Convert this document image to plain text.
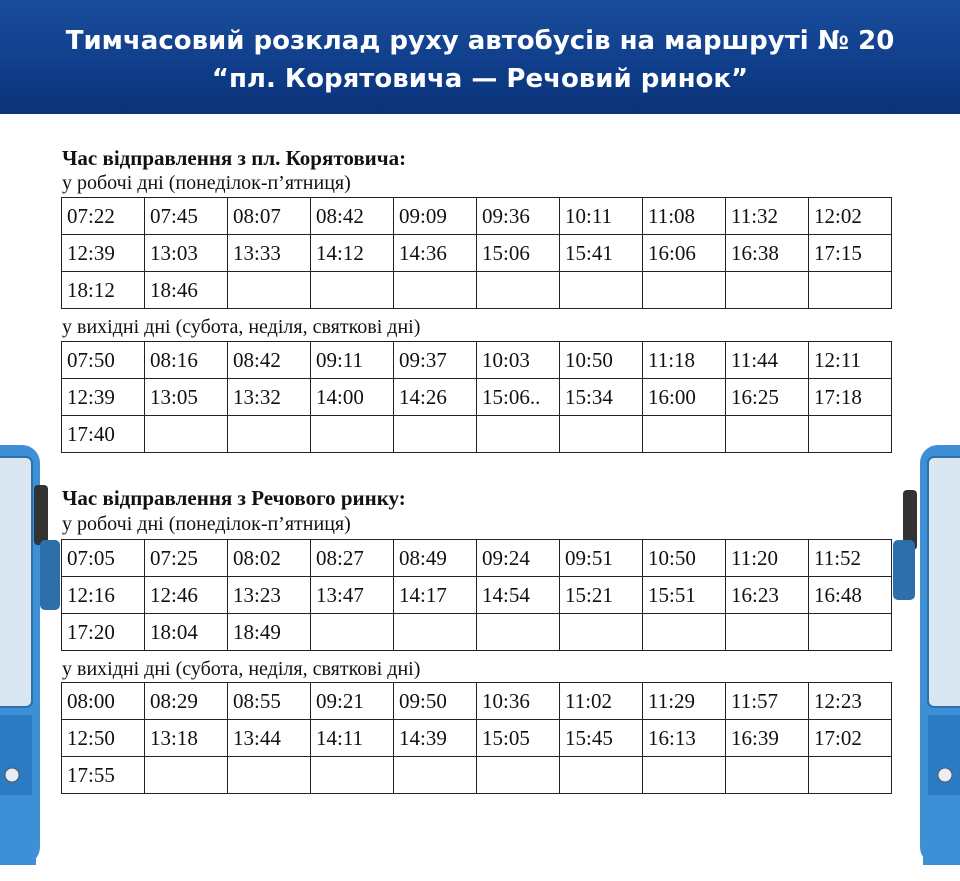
Тимчасовий розклад руху автобусів на маршруті № 20
“пл. Корятовича — Речовий ринок”
Час відправлення з пл. Корятовича:
у робочі дні (понеділок-п’ятниця)
07:22	07:45	08:07	08:42	09:09	09:36	10:11	11:08	11:32	12:02
12:39	13:03	13:33	14:12	14:36	15:06	15:41	16:06	16:38	17:15
18:12	18:46								
у вихідні дні (субота, неділя, святкові дні)
07:50	08:16	08:42	09:11	09:37	10:03	10:50	11:18	11:44	12:11
12:39	13:05	13:32	14:00	14:26	15:06..	15:34	16:00	16:25	17:18
17:40									
Час відправлення з Речового ринку:
у робочі дні (понеділок-п’ятниця)
07:05	07:25	08:02	08:27	08:49	09:24	09:51	10:50	11:20	11:52
12:16	12:46	13:23	13:47	14:17	14:54	15:21	15:51	16:23	16:48
17:20	18:04	18:49							
у вихідні дні (субота, неділя, святкові дні)
08:00	08:29	08:55	09:21	09:50	10:36	11:02	11:29	11:57	12:23
12:50	13:18	13:44	14:11	14:39	15:05	15:45	16:13	16:39	17:02
17:55									
